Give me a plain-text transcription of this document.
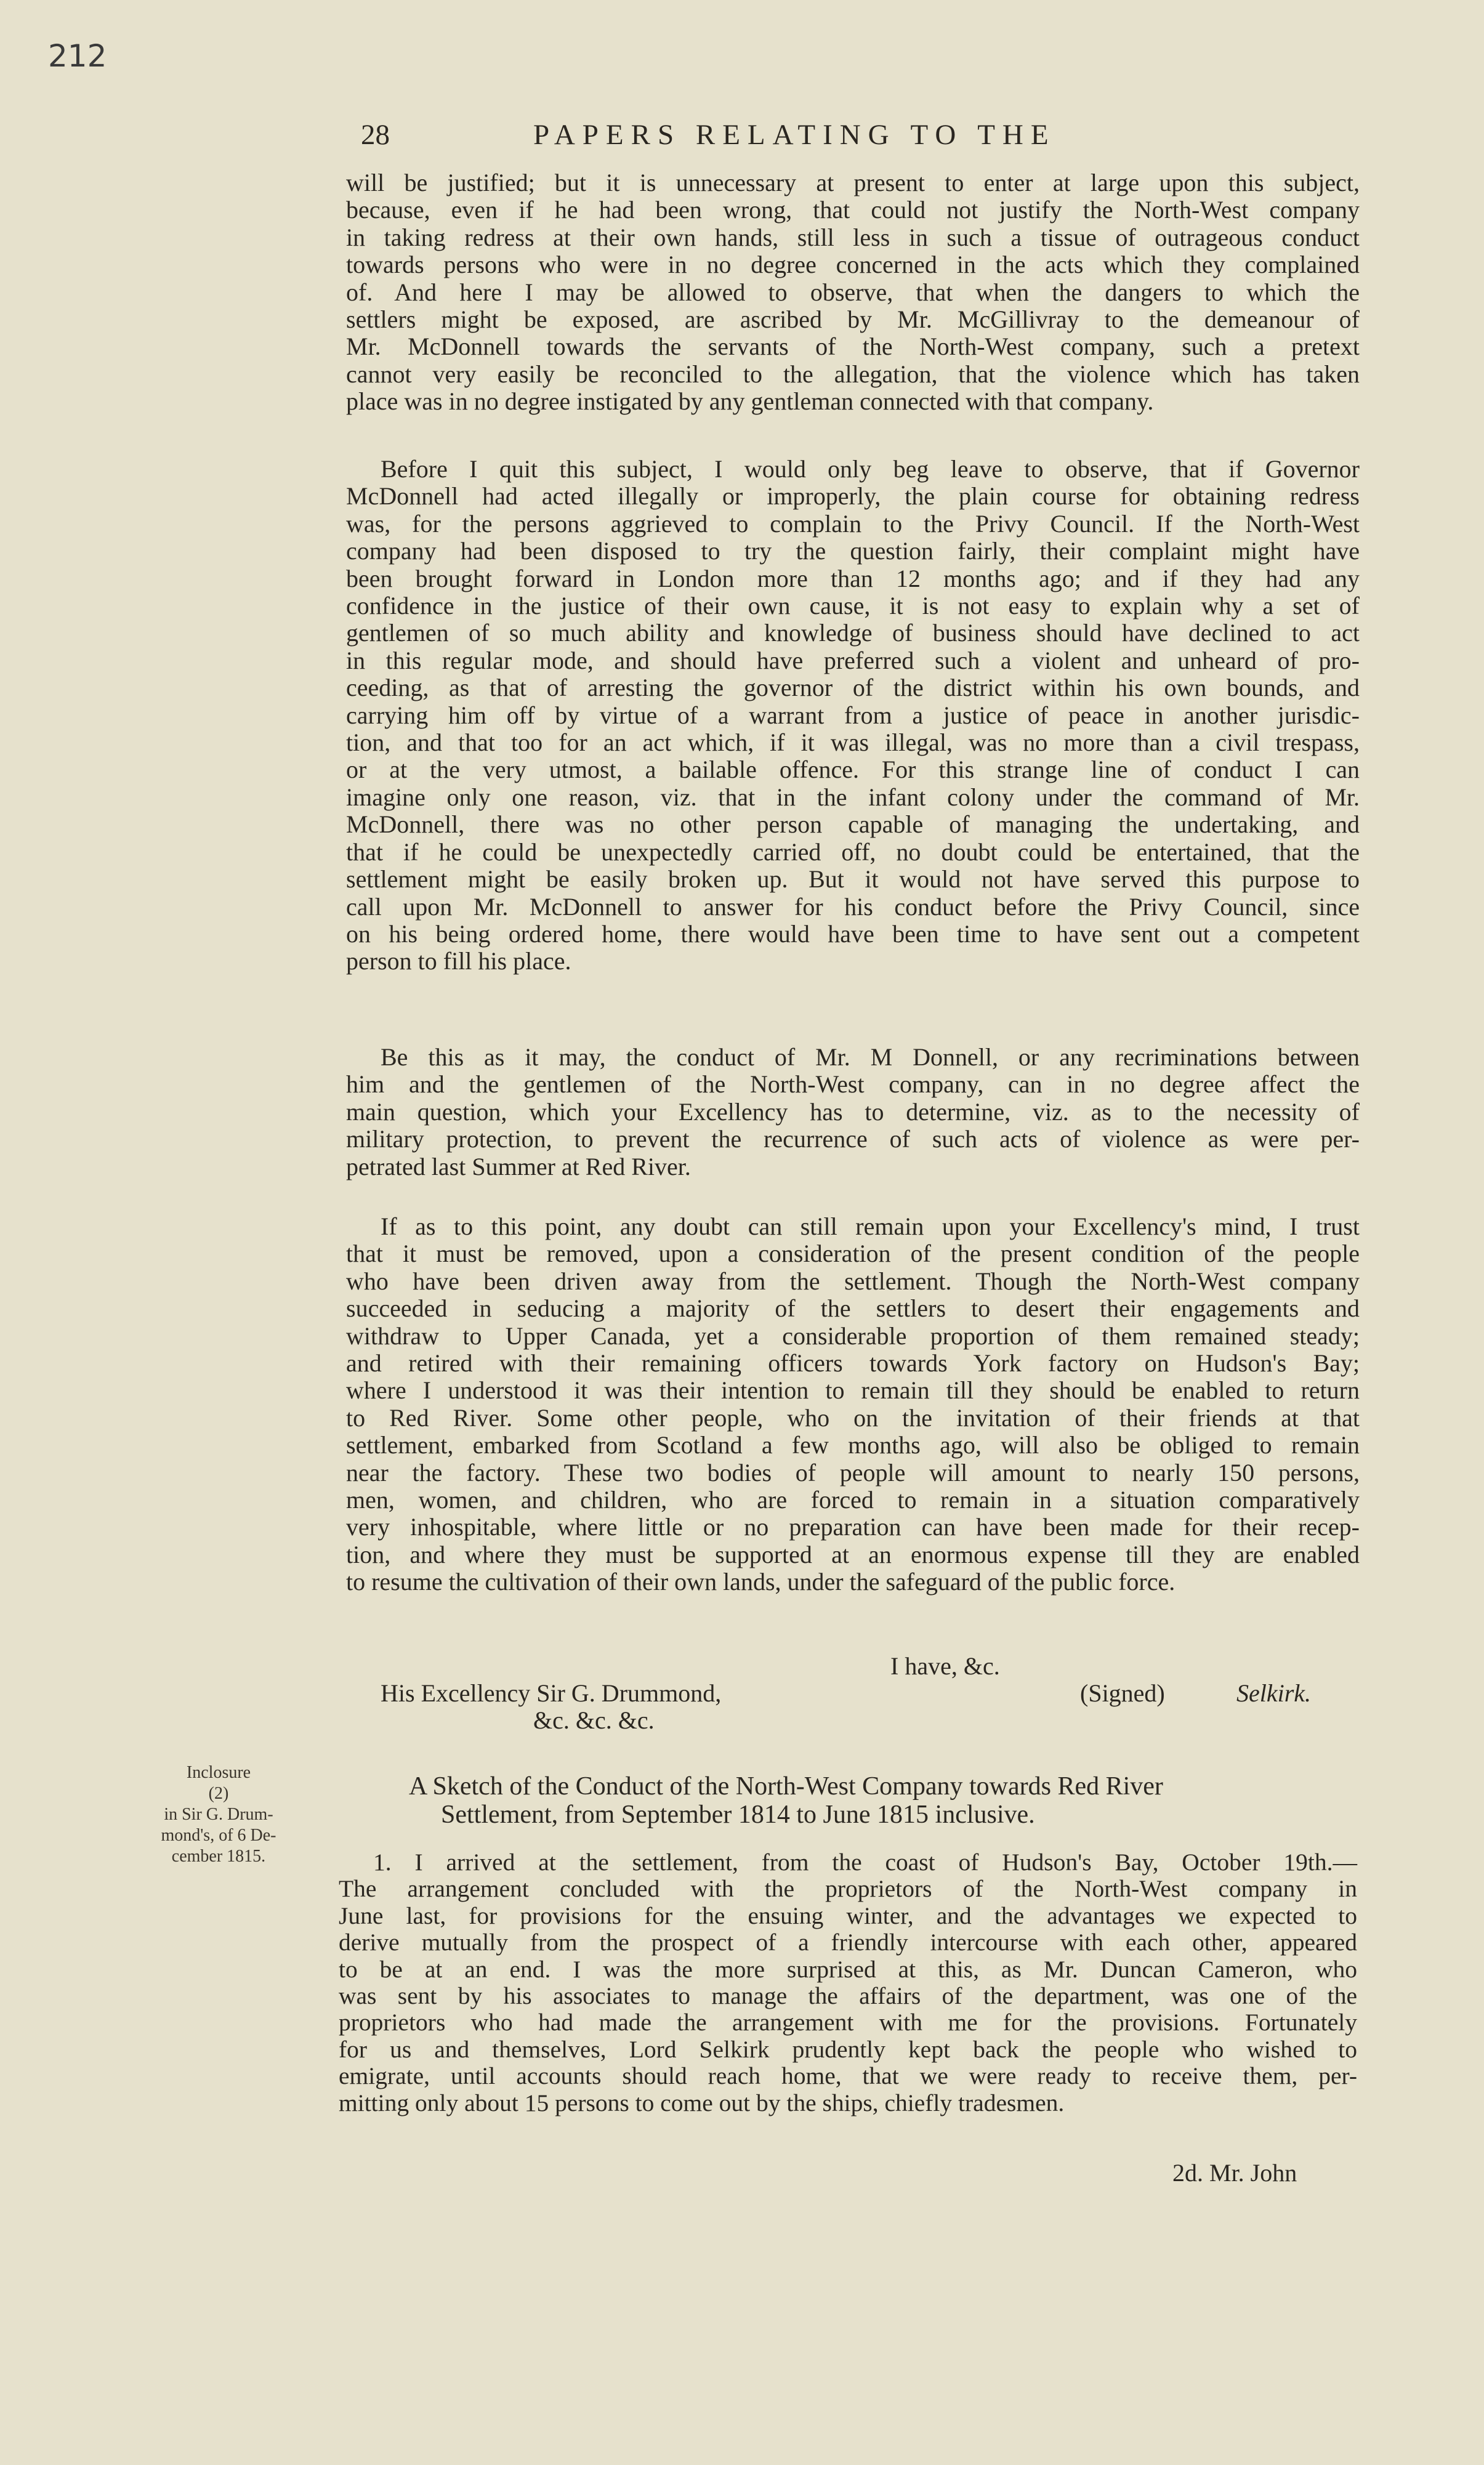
212
28	PAPERS RELATING TO THE
will be justified; but it is unnecessary at present to enter at large upon this subject,
because, even if he had been wrong, that could not justify the North-West company
in taking redress at their own hands, still less in such a tissue of outrageous conduct
towards persons who were in no degree concerned in the acts which they complained
of. And here I may be allowed to observe, that when the dangers to which the
settlers might be exposed, are ascribed by Mr. McGillivray to the demeanour of
Mr. McDonnell towards the servants of the North-West company, such a pretext
cannot very easily be reconciled to the allegation, that the violence which has taken
place was in no degree instigated by any gentleman connected with that company.
Before I quit this subject, I would only beg leave to observe, that if Governor
McDonnell had acted illegally or improperly, the plain course for obtaining redress
was, for the persons aggrieved to complain to the Privy Council. If the North-West
company had been disposed to try the question fairly, their complaint might have
been brought forward in London more than 12 months ago; and if they had any
confidence in the justice of their own cause, it is not easy to explain why a set of
gentlemen of so much ability and knowledge of business should have declined to act
in this regular mode, and should have preferred such a violent and unheard of pro-
ceeding, as that of arresting the governor of the district within his own bounds, and
carrying him off by virtue of a warrant from a justice of peace in another jurisdic-
tion, and that too for an act which, if it was illegal, was no more than a civil trespass,
or at the very utmost, a bailable offence. For this strange line of conduct I can
imagine only one reason, viz. that in the infant colony under the command of Mr.
McDonnell, there was no other person capable of managing the undertaking, and
that if he could be unexpectedly carried off, no doubt could be entertained, that the
settlement might be easily broken up. But it would not have served this purpose to
call upon Mr. McDonnell to answer for his conduct before the Privy Council, since
on his being ordered home, there would have been time to have sent out a competent
person to fill his place.
Be this as it may, the conduct of Mr. M Donnell, or any recriminations between
him and the gentlemen of the North-West company, can in no degree affect the
main question, which your Excellency has to determine, viz. as to the necessity of
military protection, to prevent the recurrence of such acts of violence as were per-
petrated last Summer at Red River.
If as to this point, any doubt can still remain upon your Excellency's mind, I trust
that it must be removed, upon a consideration of the present condition of the people
who have been driven away from the settlement. Though the North-West company
succeeded in seducing a majority of the settlers to desert their engagements and
withdraw to Upper Canada, yet a considerable proportion of them remained steady;
and retired with their remaining officers towards York factory on Hudson's Bay;
where I understood it was their intention to remain till they should be enabled to return
to Red River. Some other people, who on the invitation of their friends at that
settlement, embarked from Scotland a few months ago, will also be obliged to remain
near the factory. These two bodies of people will amount to nearly 150 persons,
men, women, and children, who are forced to remain in a situation comparatively
very inhospitable, where little or no preparation can have been made for their recep-
tion, and where they must be supported at an enormous expense till they are enabled
to resume the cultivation of their own lands, under the safeguard of the public force.
I have, &c.
His Excellency Sir G. Drummond,
&c. &c. &c.
(Signed)	Selkirk.
Inclosure
(2)
in Sir G. Drum-
mond's, of 6 De-
cember 1815.
A Sketch of the Conduct of the North-West Company towards Red River
Settlement, from September 1814 to June 1815 inclusive.
1. I arrived at the settlement, from the coast of Hudson's Bay, October 19th.—
The arrangement concluded with the proprietors of the North-West company in
June last, for provisions for the ensuing winter, and the advantages we expected to
derive mutually from the prospect of a friendly intercourse with each other, appeared
to be at an end. I was the more surprised at this, as Mr. Duncan Cameron, who
was sent by his associates to manage the affairs of the department, was one of the
proprietors who had made the arrangement with me for the provisions. Fortunately
for us and themselves, Lord Selkirk prudently kept back the people who wished to
emigrate, until accounts should reach home, that we were ready to receive them, per-
mitting only about 15 persons to come out by the ships, chiefly tradesmen.
2d. Mr. John
